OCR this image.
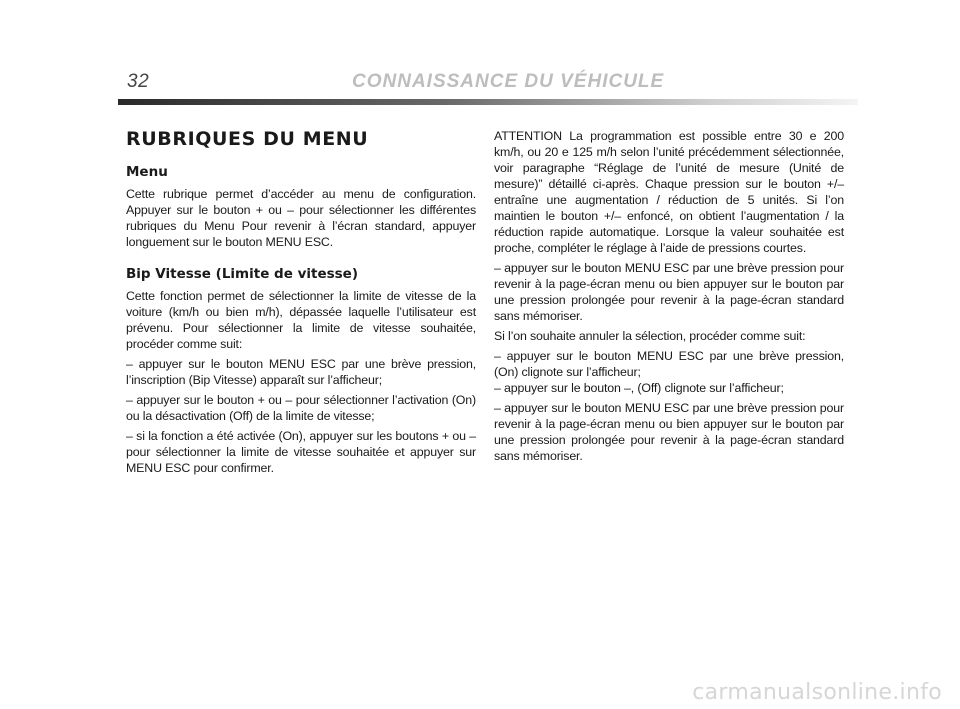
32	CONNAISSANCE DU VÉHICULE
RUBRIQUES DU MENU
Menu

Cette rubrique permet d’accéder au menu de configuration. Appuyer sur le bouton + ou – pour sélectionner les différentes rubriques du Menu Pour revenir à l’écran standard, appuyer longuement sur le bouton MENU ESC.

Bip Vitesse (Limite de vitesse)

Cette fonction permet de sélectionner la limite de vitesse de la voiture (km/h ou bien m/h), dépassée laquelle l’utilisateur est prévenu. Pour sélectionner la limite de vitesse souhaitée, procéder comme suit:

– appuyer sur le bouton MENU ESC par une brève pression, l’inscription (Bip Vitesse) apparaît sur l’afficheur;

– appuyer sur le bouton + ou – pour sélectionner l’activation (On) ou la désactivation (Off) de la limite de vitesse;

– si la fonction a été activée (On), appuyer sur les boutons + ou – pour sélectionner la limite de vitesse souhaitée et appuyer sur MENU ESC pour confirmer.

ATTENTION La programmation est possible entre 30 e 200 km/h, ou 20 e 125 m/h selon l’unité précédemment sélectionnée, voir paragraphe “Réglage de l’unité de mesure (Unité de mesure)” détaillé ci-après. Chaque pression sur le bouton +/– entraîne une augmentation / réduction de 5 unités. Si l’on maintien le bouton +/– enfoncé, on obtient l’augmentation / la réduction rapide automatique. Lorsque la valeur souhaitée est proche, compléter le réglage à l’aide de pressions courtes.

– appuyer sur le bouton MENU ESC par une brève pression pour revenir à la page-écran menu ou bien appuyer sur le bouton par une pression prolongée pour revenir à la page-écran standard sans mémoriser.

Si l’on souhaite annuler la sélection, procéder comme suit:

– appuyer sur le bouton MENU ESC par une brève pression, (On) clignote sur l’afficheur;
– appuyer sur le bouton –, (Off) clignote sur l’afficheur;

– appuyer sur le bouton MENU ESC par une brève pression pour revenir à la page-écran menu ou bien appuyer sur le bouton par une pression prolongée pour revenir à la page-écran standard sans mémoriser.

carmanualsonline.info
